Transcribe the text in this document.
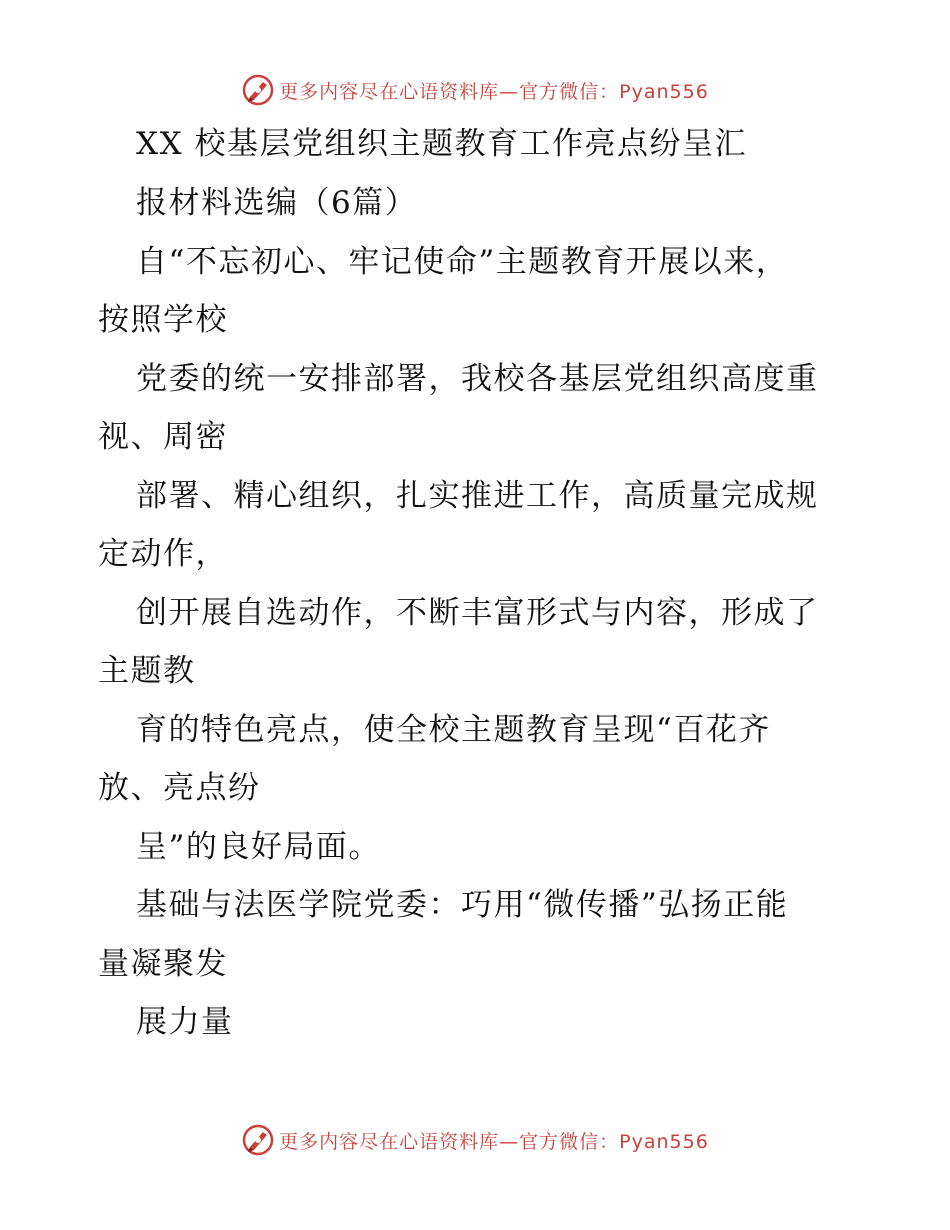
更多内容尽在心语资料库—官方微信：Pyan556
XX 校基层党组织主题教育工作亮点纷呈汇
报材料选编（6篇）
自“不忘初心、牢记使命”主题教育开展以来，
按照学校
党委的统一安排部署，我校各基层党组织高度重
视、周密
部署、精心组织，扎实推进工作，高质量完成规
定动作，
创开展自选动作，不断丰富形式与内容，形成了
主题教
育的特色亮点，使全校主题教育呈现“百花齐
放、亮点纷
呈”的良好局面。
基础与法医学院党委：巧用“微传播”弘扬正能
量凝聚发
展力量
更多内容尽在心语资料库—官方微信：Pyan556
